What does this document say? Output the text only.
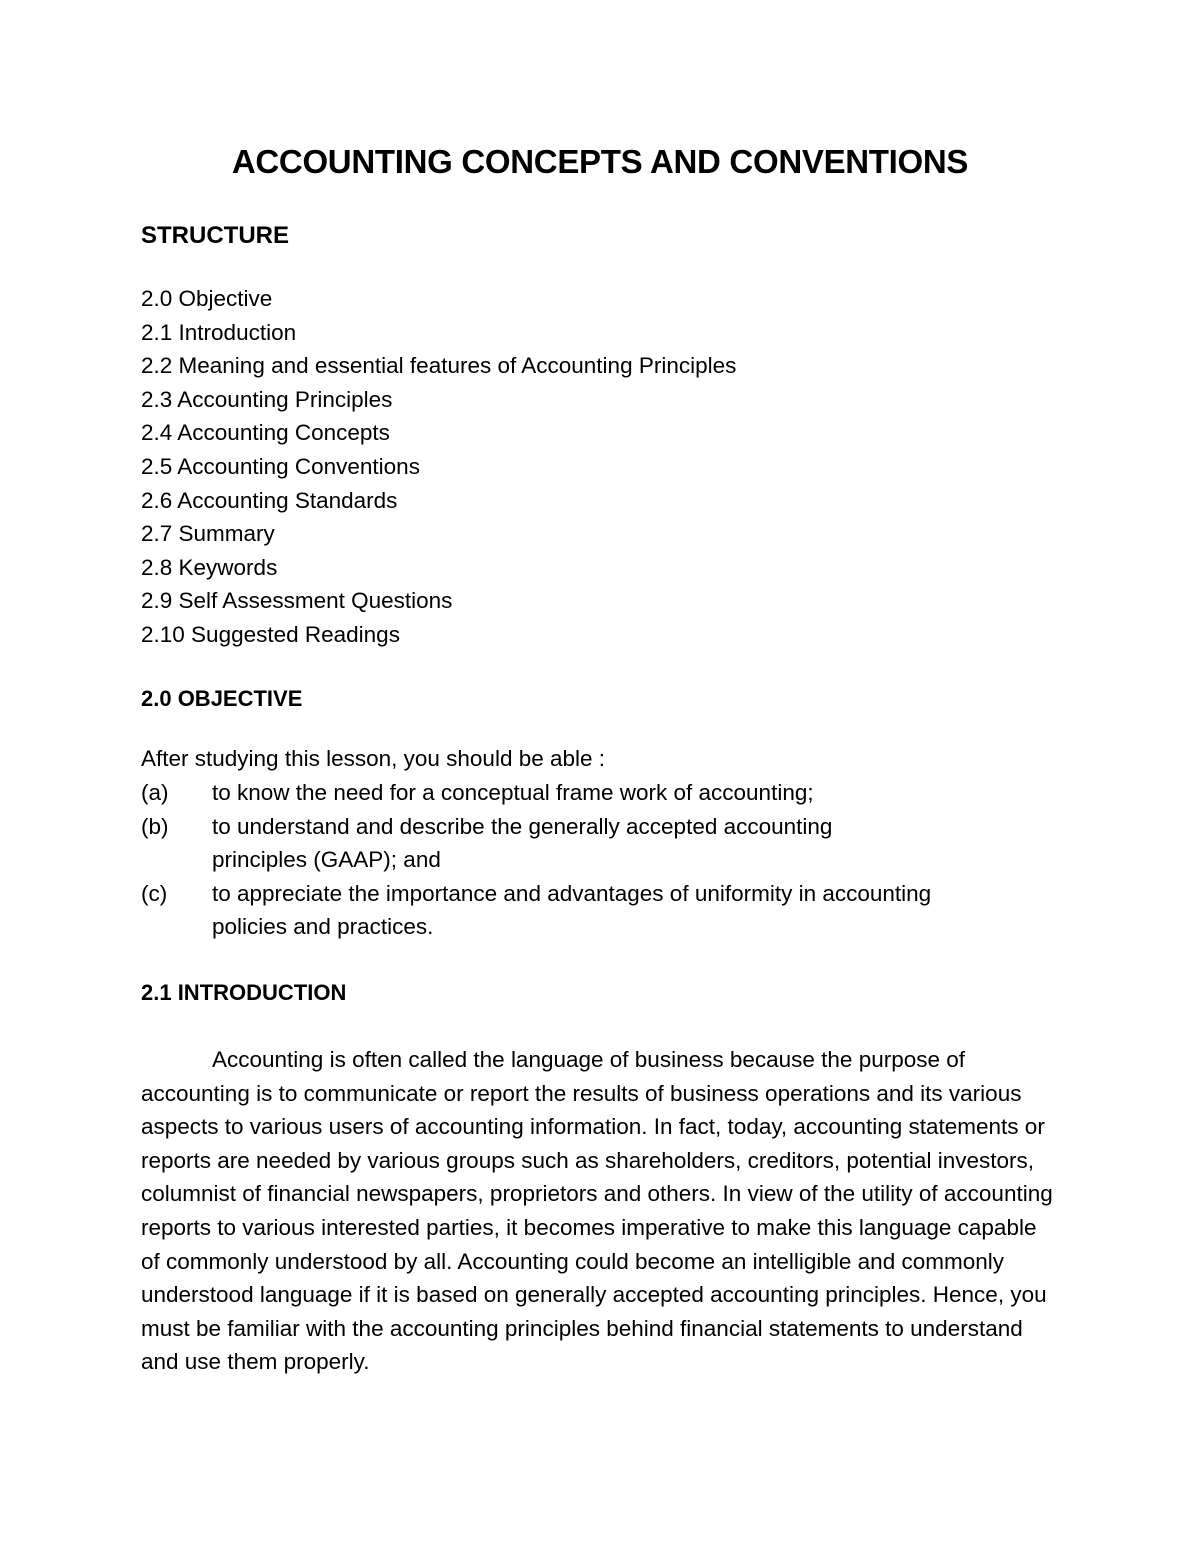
ACCOUNTING CONCEPTS AND CONVENTIONS
STRUCTURE
2.0 Objective
2.1 Introduction
2.2 Meaning and essential features of Accounting Principles
2.3 Accounting Principles
2.4 Accounting Concepts
2.5 Accounting Conventions
2.6 Accounting Standards
2.7 Summary
2.8 Keywords
2.9 Self Assessment Questions
2.10 Suggested Readings
2.0 OBJECTIVE
After studying this lesson, you should be able :
(a)	to know the need for a conceptual frame work of accounting;
(b)	to understand and describe the generally accepted accounting principles (GAAP); and
(c)	to appreciate the importance and advantages of uniformity in accounting policies and practices.
2.1 INTRODUCTION

Accounting is often called the language of business because the purpose of accounting is to communicate or report the results of business operations and its various aspects to various users of accounting information. In fact, today, accounting statements or reports are needed by various groups such as shareholders, creditors, potential investors, columnist of financial newspapers, proprietors and others. In view of the utility of accounting reports to various interested parties, it becomes imperative to make this language capable of commonly understood by all. Accounting could become an intelligible and commonly understood language if it is based on generally accepted accounting principles. Hence, you must be familiar with the accounting principles behind financial statements to understand and use them properly.
